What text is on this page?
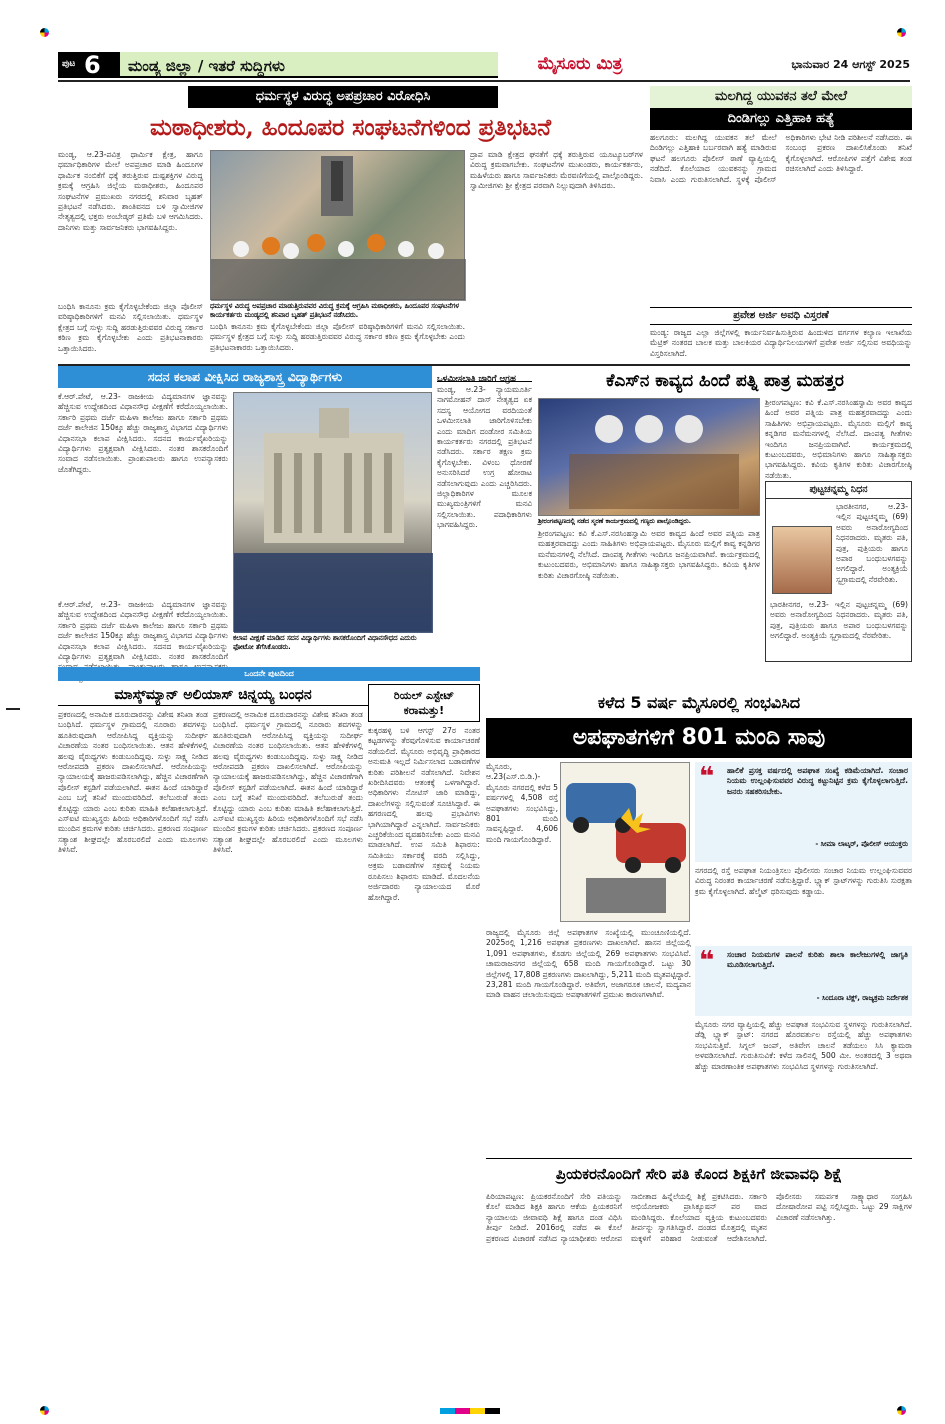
ಪುಟ 6 ಮಂಡ್ಯ ಜಿಲ್ಲಾ / ಇತರೆ ಸುದ್ದಿಗಳು	ಮೈಸೂರು ಮಿತ್ರ	ಭಾನುವಾರ 24 ಆಗಸ್ಟ್ 2025
ಧರ್ಮಸ್ಥಳ ವಿರುದ್ಧ ಅಪಪ್ರಚಾರ ವಿರೋಧಿಸಿ
ಮಠಾಧೀಶರು, ಹಿಂದೂಪರ ಸಂಘಟನೆಗಳಿಂದ ಪ್ರತಿಭಟನೆ
ಮಂಡ್ಯ, ಆ.23-ಪವಿತ್ರ ಧಾರ್ಮಿಕ ಕ್ಷೇತ್ರ, ಹಾಗೂ ಧರ್ಮಾಧಿಕಾರಿಗಳ ಮೇಲೆ ಅಪಪ್ರಚಾರ ಮಾಡಿ ಹಿಂದೂಗಳ ಧಾರ್ಮಿಕ ನಂಬಿಕೆಗೆ ಧಕ್ಕೆ ತರುತ್ತಿರುವ ದುಷ್ಟಶಕ್ತಿಗಳ ವಿರುದ್ಧ ಕ್ರಮಕ್ಕೆ ಆಗ್ರಹಿಸಿ ಜಿಲ್ಲೆಯ ಮಠಾಧೀಶರು, ಹಿಂದೂಪರ ಸಂಘಟನೆಗಳ ಪ್ರಮುಖರು ನಗರದಲ್ಲಿ ಶನಿವಾರ ಬೃಹತ್ ಪ್ರತಿಭಟನೆ ನಡೆಸಿದರು. ಶಾಂತಿವನದ ಬಳಿ ಸ್ವಾಮೀಜಿಗಳ ನೇತೃತ್ವದಲ್ಲಿ ಭಕ್ತರು ಅಂಬೇಡ್ಕರ್ ಪ್ರತಿಮೆ ಬಳಿ ಆಗಮಿಸಿದರು. ದಾನಿಗಳು ಮತ್ತು ಸಾರ್ವಜನಿಕರು ಭಾಗವಹಿಸಿದ್ದರು.
ಧರ್ಮಸ್ಥಳ ವಿರುದ್ಧ ಅಪಪ್ರಚಾರ ಮಾಡುತ್ತಿರುವವರ ವಿರುದ್ಧ ಕ್ರಮಕ್ಕೆ ಆಗ್ರಹಿಸಿ ಮಠಾಧೀಶರು, ಹಿಂದೂಪರ ಸಂಘಟನೆಗಳ ಕಾರ್ಯಕರ್ತರು ಮಂಡ್ಯದಲ್ಲಿ ಶನಿವಾರ ಬೃಹತ್ ಪ್ರತಿಭಟನೆ ನಡೆಸಿದರು.
ದ್ರಾಪ ಮಾಡಿ ಕ್ಷೇತ್ರದ ಘನತೆಗೆ ಧಕ್ಕೆ ತರುತ್ತಿರುವ ಯೂಟ್ಯೂಬರ್‌ಗಳ ವಿರುದ್ಧ ಕ್ರಮವಾಗಬೇಕು. ಸಂಘಟನೆಗಳ ಮುಖಂಡರು, ಕಾರ್ಯಕರ್ತರು, ಮಹಿಳೆಯರು ಹಾಗೂ ಸಾರ್ವಜನಿಕರು ಮೆರವಣಿಗೆಯಲ್ಲಿ ಪಾಲ್ಗೊಂಡಿದ್ದರು. ಸ್ವಾಮೀಜಿಗಳು ಶ್ರೀ ಕ್ಷೇತ್ರದ ಪರವಾಗಿ ನಿಲ್ಲುವುದಾಗಿ ತಿಳಿಸಿದರು.
ಬಂಧಿಸಿ ಕಾನೂನು ಕ್ರಮ ಕೈಗೊಳ್ಳಬೇಕೆಂದು ಜಿಲ್ಲಾ ಪೊಲೀಸ್ ವರಿಷ್ಠಾಧಿಕಾರಿಗಳಿಗೆ ಮನವಿ ಸಲ್ಲಿಸಲಾಯಿತು. ಧರ್ಮಸ್ಥಳ ಕ್ಷೇತ್ರದ ಬಗ್ಗೆ ಸುಳ್ಳು ಸುದ್ದಿ ಹರಡುತ್ತಿರುವವರ ವಿರುದ್ಧ ಸರ್ಕಾರ ಕಠಿಣ ಕ್ರಮ ಕೈಗೊಳ್ಳಬೇಕು ಎಂದು ಪ್ರತಿಭಟನಾಕಾರರು ಒತ್ತಾಯಿಸಿದರು.
ಬಂಧಿಸಿ ಕಾನೂನು ಕ್ರಮ ಕೈಗೊಳ್ಳಬೇಕೆಂದು ಜಿಲ್ಲಾ ಪೊಲೀಸ್ ವರಿಷ್ಠಾಧಿಕಾರಿಗಳಿಗೆ ಮನವಿ ಸಲ್ಲಿಸಲಾಯಿತು. ಧರ್ಮಸ್ಥಳ ಕ್ಷೇತ್ರದ ಬಗ್ಗೆ ಸುಳ್ಳು ಸುದ್ದಿ ಹರಡುತ್ತಿರುವವರ ವಿರುದ್ಧ ಸರ್ಕಾರ ಕಠಿಣ ಕ್ರಮ ಕೈಗೊಳ್ಳಬೇಕು ಎಂದು ಪ್ರತಿಭಟನಾಕಾರರು ಒತ್ತಾಯಿಸಿದರು.
ಮಲಗಿದ್ದ ಯುವಕನ ತಲೆ ಮೇಲೆ
ದಿಂಡಿಗಲ್ಲು ಎತ್ತಿಹಾಕಿ ಹತ್ಯೆ
ಹಲಗೂರು: ಮಲಗಿದ್ದ ಯುವಕನ ತಲೆ ಮೇಲೆ ದಿಂಡಿಗಲ್ಲು ಎತ್ತಿಹಾಕಿ ಬರ್ಬರವಾಗಿ ಹತ್ಯೆ ಮಾಡಿರುವ ಘಟನೆ ಹಲಗೂರು ಪೊಲೀಸ್ ಠಾಣೆ ವ್ಯಾಪ್ತಿಯಲ್ಲಿ ನಡೆದಿದೆ. ಕೊಲೆಯಾದ ಯುವಕನನ್ನು ಗ್ರಾಮದ ನಿವಾಸಿ ಎಂದು ಗುರುತಿಸಲಾಗಿದೆ. ಸ್ಥಳಕ್ಕೆ ಪೊಲೀಸ್ ಅಧಿಕಾರಿಗಳು ಭೇಟಿ ನೀಡಿ ಪರಿಶೀಲನೆ ನಡೆಸಿದರು. ಈ ಸಂಬಂಧ ಪ್ರಕರಣ ದಾಖಲಿಸಿಕೊಂಡು ತನಿಖೆ ಕೈಗೊಳ್ಳಲಾಗಿದೆ. ಆರೋಪಿಗಳ ಪತ್ತೆಗೆ ವಿಶೇಷ ತಂಡ ರಚಿಸಲಾಗಿದೆ ಎಂದು ತಿಳಿಸಿದ್ದಾರೆ.
ಪ್ರವೇಶ ಅರ್ಜಿ ಅವಧಿ ವಿಸ್ತರಣೆ
ಮಂಡ್ಯ: ರಾಜ್ಯದ ಎಲ್ಲಾ ಜಿಲ್ಲೆಗಳಲ್ಲಿ ಕಾರ್ಯನಿರ್ವಹಿಸುತ್ತಿರುವ ಹಿಂದುಳಿದ ವರ್ಗಗಳ ಕಲ್ಯಾಣ ಇಲಾಖೆಯ ಮೆಟ್ರಿಕ್ ನಂತರದ ಬಾಲಕ ಮತ್ತು ಬಾಲಕಿಯರ ವಿದ್ಯಾರ್ಥಿನಿಲಯಗಳಿಗೆ ಪ್ರವೇಶ ಅರ್ಜಿ ಸಲ್ಲಿಸುವ ಅವಧಿಯನ್ನು ವಿಸ್ತರಿಸಲಾಗಿದೆ.
ಸದನ ಕಲಾಪ ವೀಕ್ಷಿಸಿದ ರಾಜ್ಯಶಾಸ್ತ್ರ ವಿದ್ಯಾರ್ಥಿಗಳು
ಕೆ.ಆರ್.ಪೇಟೆ, ಆ.23- ರಾಜಕೀಯ ವಿದ್ಯಮಾನಗಳ ಜ್ಞಾನವನ್ನು ಹೆಚ್ಚಿಸುವ ಉದ್ದೇಶದಿಂದ ವಿಧಾನಸೌಧ ವೀಕ್ಷಣೆಗೆ ಕರೆದೊಯ್ಯಲಾಯಿತು. ಸರ್ಕಾರಿ ಪ್ರಥಮ ದರ್ಜೆ ಮಹಿಳಾ ಕಾಲೇಜು ಹಾಗೂ ಸರ್ಕಾರಿ ಪ್ರಥಮ ದರ್ಜೆ ಕಾಲೇಜಿನ 150ಕ್ಕೂ ಹೆಚ್ಚು ರಾಜ್ಯಶಾಸ್ತ್ರ ವಿಭಾಗದ ವಿದ್ಯಾರ್ಥಿಗಳು ವಿಧಾನಸಭಾ ಕಲಾಪ ವೀಕ್ಷಿಸಿದರು. ಸದನದ ಕಾರ್ಯವೈಖರಿಯನ್ನು ವಿದ್ಯಾರ್ಥಿಗಳು ಪ್ರತ್ಯಕ್ಷವಾಗಿ ವೀಕ್ಷಿಸಿದರು. ನಂತರ ಶಾಸಕರೊಂದಿಗೆ ಸಂವಾದ ನಡೆಸಲಾಯಿತು. ಪ್ರಾಂಶುಪಾಲರು ಹಾಗೂ ಉಪನ್ಯಾಸಕರು ಜೊತೆಗಿದ್ದರು.
ಕಲಾಪ ವೀಕ್ಷಣೆ ಮಾಡಿದ ಸದನ ವಿದ್ಯಾರ್ಥಿಗಳು ಶಾಸಕರೊಂದಿಗೆ ವಿಧಾನಸೌಧದ ಎದುರು ಫೋಟೋ ತೆಗೆಸಿಕೊಂಡರು.
ಕೆ.ಆರ್.ಪೇಟೆ, ಆ.23- ರಾಜಕೀಯ ವಿದ್ಯಮಾನಗಳ ಜ್ಞಾನವನ್ನು ಹೆಚ್ಚಿಸುವ ಉದ್ದೇಶದಿಂದ ವಿಧಾನಸೌಧ ವೀಕ್ಷಣೆಗೆ ಕರೆದೊಯ್ಯಲಾಯಿತು. ಸರ್ಕಾರಿ ಪ್ರಥಮ ದರ್ಜೆ ಮಹಿಳಾ ಕಾಲೇಜು ಹಾಗೂ ಸರ್ಕಾರಿ ಪ್ರಥಮ ದರ್ಜೆ ಕಾಲೇಜಿನ 150ಕ್ಕೂ ಹೆಚ್ಚು ರಾಜ್ಯಶಾಸ್ತ್ರ ವಿಭಾಗದ ವಿದ್ಯಾರ್ಥಿಗಳು ವಿಧಾನಸಭಾ ಕಲಾಪ ವೀಕ್ಷಿಸಿದರು. ಸದನದ ಕಾರ್ಯವೈಖರಿಯನ್ನು ವಿದ್ಯಾರ್ಥಿಗಳು ಪ್ರತ್ಯಕ್ಷವಾಗಿ ವೀಕ್ಷಿಸಿದರು. ನಂತರ ಶಾಸಕರೊಂದಿಗೆ
ಒಳಮೀಸಲಾತಿ ಜಾರಿಗೆ ಆಗ್ರಹ
ಮಂಡ್ಯ, ಆ.23- ನ್ಯಾಯಮೂರ್ತಿ ನಾಗಮೋಹನ್ ದಾಸ್ ನೇತೃತ್ವದ ಏಕ ಸದಸ್ಯ ಆಯೋಗದ ವರದಿಯಂತೆ ಒಳಮೀಸಲಾತಿ ಜಾರಿಗೊಳಿಸಬೇಕು ಎಂದು ಮಾದಿಗ ದಂಡೋರ ಸಮಿತಿಯ ಕಾರ್ಯಕರ್ತರು ನಗರದಲ್ಲಿ ಪ್ರತಿಭಟನೆ ನಡೆಸಿದರು. ಸರ್ಕಾರ ತಕ್ಷಣ ಕ್ರಮ ಕೈಗೊಳ್ಳಬೇಕು. ವಿಳಂಬ ಧೋರಣೆ ಅನುಸರಿಸಿದರೆ ಉಗ್ರ ಹೋರಾಟ ನಡೆಸಲಾಗುವುದು ಎಂದು ಎಚ್ಚರಿಸಿದರು. ಜಿಲ್ಲಾಧಿಕಾರಿಗಳ ಮೂಲಕ ಮುಖ್ಯಮಂತ್ರಿಗಳಿಗೆ ಮನವಿ ಸಲ್ಲಿಸಲಾಯಿತು. ಪದಾಧಿಕಾರಿಗಳು ಭಾಗವಹಿಸಿದ್ದರು.
ಕೆಎಸ್‌ನ ಕಾವ್ಯದ ಹಿಂದೆ ಪತ್ನಿ ಪಾತ್ರ ಮಹತ್ತರ
ಶ್ರೀರಂಗಪಟ್ಟಣದಲ್ಲಿ ನಡೆದ ಸ್ಮರಣೆ ಕಾರ್ಯಕ್ರಮದಲ್ಲಿ ಗಣ್ಯರು ಪಾಲ್ಗೊಂಡಿದ್ದರು.
ಶ್ರೀರಂಗಪಟ್ಟಣ: ಕವಿ ಕೆ.ಎಸ್.ನರಸಿಂಹಸ್ವಾಮಿ ಅವರ ಕಾವ್ಯದ ಹಿಂದೆ ಅವರ ಪತ್ನಿಯ ಪಾತ್ರ ಮಹತ್ತರವಾದದ್ದು ಎಂದು ಸಾಹಿತಿಗಳು ಅಭಿಪ್ರಾಯಪಟ್ಟರು. ಮೈಸೂರು ಮಲ್ಲಿಗೆ ಕಾವ್ಯ ಕನ್ನಡಿಗರ ಮನೆಮನಗಳಲ್ಲಿ ನೆಲೆಸಿದೆ. ದಾಂಪತ್ಯ ಗೀತೆಗಳು ಇಂದಿಗೂ ಜನಪ್ರಿಯವಾಗಿವೆ. ಕಾರ್ಯಕ್ರಮದಲ್ಲಿ ಕುಟುಂಬದವರು, ಅಭಿಮಾನಿಗಳು ಹಾಗೂ ಸಾಹಿತ್ಯಾಸಕ್ತರು ಭಾಗವಹಿಸಿದ್ದರು. ಕವಿಯ ಕೃತಿಗಳ ಕುರಿತು ವಿಚಾರಗೋಷ್ಠಿ ನಡೆಯಿತು.
ಶ್ರೀರಂಗಪಟ್ಟಣ: ಕವಿ ಕೆ.ಎಸ್.ನರಸಿಂಹಸ್ವಾಮಿ ಅವರ ಕಾವ್ಯದ ಹಿಂದೆ ಅವರ ಪತ್ನಿಯ ಪಾತ್ರ ಮಹತ್ತರವಾದದ್ದು ಎಂದು ಸಾಹಿತಿಗಳು ಅಭಿಪ್ರಾಯಪಟ್ಟರು. ಮೈಸೂರು ಮಲ್ಲಿಗೆ ಕಾವ್ಯ ಕನ್ನಡಿಗರ ಮನೆಮನಗಳಲ್ಲಿ ನೆಲೆಸಿದೆ. ದಾಂಪತ್ಯ ಗೀತೆಗಳು ಇಂದಿಗೂ ಜನಪ್ರಿಯವಾಗಿವೆ. ಕಾರ್ಯಕ್ರಮದಲ್ಲಿ ಕುಟುಂಬದವರು, ಅಭಿಮಾನಿಗಳು ಹಾಗೂ ಸಾಹಿತ್ಯಾಸಕ್ತರು ಭಾಗವಹಿಸಿದ್ದರು. ಕವಿಯ ಕೃತಿಗಳ ಕುರಿತು ವಿಚಾರಗೋಷ್ಠಿ ನಡೆಯಿತು.
ಪುಟ್ಟಚನ್ನಮ್ಮ ನಿಧನ
ಭಾರತೀನಗರ, ಆ.23- ಇಲ್ಲಿನ ಪುಟ್ಟಚನ್ನಮ್ಮ (69) ಅವರು ಅನಾರೋಗ್ಯದಿಂದ ನಿಧನರಾದರು. ಮೃತರು ಪತಿ, ಪುತ್ರ, ಪುತ್ರಿಯರು ಹಾಗೂ ಅಪಾರ ಬಂಧುಬಳಗವನ್ನು ಅಗಲಿದ್ದಾರೆ. ಅಂತ್ಯಕ್ರಿಯೆ ಸ್ವಗ್ರಾಮದಲ್ಲಿ ನೆರವೇರಿತು.
ಭಾರತೀನಗರ, ಆ.23- ಇಲ್ಲಿನ ಪುಟ್ಟಚನ್ನಮ್ಮ (69) ಅವರು ಅನಾರೋಗ್ಯದಿಂದ ನಿಧನರಾದರು. ಮೃತರು ಪತಿ, ಪುತ್ರ, ಪುತ್ರಿಯರು ಹಾಗೂ ಅಪಾರ ಬಂಧುಬಳಗವನ್ನು ಅಗಲಿದ್ದಾರೆ. ಅಂತ್ಯಕ್ರಿಯೆ ಸ್ವಗ್ರಾಮದಲ್ಲಿ ನೆರವೇರಿತು.
ಒಂದನೇ ಪುಟದಿಂದ
ಮಾಸ್ಕ್‌ಮ್ಯಾನ್ ಅಲಿಯಾಸ್ ಚಿನ್ನಯ್ಯ ಬಂಧನ
ಪ್ರಕರಣದಲ್ಲಿ ಅನಾಮಿಕ ದೂರುದಾರನನ್ನು ವಿಶೇಷ ತನಿಖಾ ತಂಡ ಬಂಧಿಸಿದೆ. ಧರ್ಮಸ್ಥಳ ಗ್ರಾಮದಲ್ಲಿ ನೂರಾರು ಶವಗಳನ್ನು ಹೂತಿರುವುದಾಗಿ ಆರೋಪಿಸಿದ್ದ ವ್ಯಕ್ತಿಯನ್ನು ಸುದೀರ್ಘ ವಿಚಾರಣೆಯ ನಂತರ ಬಂಧಿಸಲಾಯಿತು. ಆತನ ಹೇಳಿಕೆಗಳಲ್ಲಿ ಹಲವು ವೈರುಧ್ಯಗಳು ಕಂಡುಬಂದಿದ್ದವು. ಸುಳ್ಳು ಸಾಕ್ಷ್ಯ ನೀಡಿದ ಆರೋಪದಡಿ ಪ್ರಕರಣ ದಾಖಲಿಸಲಾಗಿದೆ. ಆರೋಪಿಯನ್ನು ನ್ಯಾಯಾಲಯಕ್ಕೆ ಹಾಜರುಪಡಿಸಲಾಗಿದ್ದು, ಹೆಚ್ಚಿನ ವಿಚಾರಣೆಗಾಗಿ ಪೊಲೀಸ್ ಕಸ್ಟಡಿಗೆ ಪಡೆಯಲಾಗಿದೆ. ಈತನ ಹಿಂದೆ ಯಾರಿದ್ದಾರೆ ಎಂಬ ಬಗ್ಗೆ ತನಿಖೆ ಮುಂದುವರಿದಿದೆ. ತಲೆಬುರುಡೆ ತಂದು ಕೊಟ್ಟಿದ್ದು ಯಾರು ಎಂಬ ಕುರಿತು ಮಾಹಿತಿ ಕಲೆಹಾಕಲಾಗುತ್ತಿದೆ. ಎಸ್‌ಐಟಿ ಮುಖ್ಯಸ್ಥರು ಹಿರಿಯ ಅಧಿಕಾರಿಗಳೊಂದಿಗೆ ಸಭೆ ನಡೆಸಿ ಮುಂದಿನ ಕ್ರಮಗಳ ಕುರಿತು ಚರ್ಚಿಸಿದರು. ಪ್ರಕರಣದ ಸಂಪೂರ್ಣ ಸತ್ಯಾಂಶ ಶೀಘ್ರದಲ್ಲೇ ಹೊರಬರಲಿದೆ ಎಂದು ಮೂಲಗಳು ತಿಳಿಸಿವೆ.
ಪ್ರಕರಣದಲ್ಲಿ ಅನಾಮಿಕ ದೂರುದಾರನನ್ನು ವಿಶೇಷ ತನಿಖಾ ತಂಡ ಬಂಧಿಸಿದೆ. ಧರ್ಮಸ್ಥಳ ಗ್ರಾಮದಲ್ಲಿ ನೂರಾರು ಶವಗಳನ್ನು ಹೂತಿರುವುದಾಗಿ ಆರೋಪಿಸಿದ್ದ ವ್ಯಕ್ತಿಯನ್ನು ಸುದೀರ್ಘ ವಿಚಾರಣೆಯ ನಂತರ ಬಂಧಿಸಲಾಯಿತು. ಆತನ ಹೇಳಿಕೆಗಳಲ್ಲಿ ಹಲವು ವೈರುಧ್ಯಗಳು ಕಂಡುಬಂದಿದ್ದವು. ಸುಳ್ಳು ಸಾಕ್ಷ್ಯ ನೀಡಿದ ಆರೋಪದಡಿ ಪ್ರಕರಣ ದಾಖಲಿಸಲಾಗಿದೆ. ಆರೋಪಿಯನ್ನು ನ್ಯಾಯಾಲಯಕ್ಕೆ ಹಾಜರುಪಡಿಸಲಾಗಿದ್ದು, ಹೆಚ್ಚಿನ ವಿಚಾರಣೆಗಾಗಿ ಪೊಲೀಸ್ ಕಸ್ಟಡಿಗೆ ಪಡೆಯಲಾಗಿದೆ. ಈತನ ಹಿಂದೆ ಯಾರಿದ್ದಾರೆ ಎಂಬ ಬಗ್ಗೆ ತನಿಖೆ ಮುಂದುವರಿದಿದೆ. ತಲೆಬುರುಡೆ ತಂದು ಕೊಟ್ಟಿದ್ದು ಯಾರು ಎಂಬ ಕುರಿತು ಮಾಹಿತಿ ಕಲೆಹಾಕಲಾಗುತ್ತಿದೆ. ಎಸ್‌ಐಟಿ ಮುಖ್ಯಸ್ಥರು ಹಿರಿಯ ಅಧಿಕಾರಿಗಳೊಂದಿಗೆ ಸಭೆ ನಡೆಸಿ ಮುಂದಿನ ಕ್ರಮಗಳ ಕುರಿತು ಚರ್ಚಿಸಿದರು. ಪ್ರಕರಣದ ಸಂಪೂರ್ಣ ಸತ್ಯಾಂಶ ಶೀಘ್ರದಲ್ಲೇ ಹೊರಬರಲಿದೆ ಎಂದು ಮೂಲಗಳು ತಿಳಿಸಿವೆ.
ರಿಯಲ್ ಎಸ್ಟೇಟ್ ಕರಾಮತ್ತು!
ಕುಕ್ಕರಹಳ್ಳಿ ಬಳಿ ಆಗಸ್ಟ್ 27ರ ನಂತರ ಕಟ್ಟಡಗಳನ್ನು ತೆರವುಗೊಳಿಸುವ ಕಾರ್ಯಾಚರಣೆ ನಡೆಯಲಿದೆ. ಮೈಸೂರು ಅಭಿವೃದ್ಧಿ ಪ್ರಾಧಿಕಾರದ ಅನುಮತಿ ಇಲ್ಲದೆ ನಿರ್ಮಿಸಲಾದ ಬಡಾವಣೆಗಳ ಕುರಿತು ಪರಿಶೀಲನೆ ನಡೆಸಲಾಗಿದೆ. ನಿವೇಶನ ಖರೀದಿಸಿದವರು ಆತಂಕಕ್ಕೆ ಒಳಗಾಗಿದ್ದಾರೆ. ಅಧಿಕಾರಿಗಳು ನೋಟಿಸ್ ಜಾರಿ ಮಾಡಿದ್ದು, ದಾಖಲೆಗಳನ್ನು ಸಲ್ಲಿಸುವಂತೆ ಸೂಚಿಸಿದ್ದಾರೆ. ಈ ಹಗರಣದಲ್ಲಿ ಹಲವು ಪ್ರಭಾವಿಗಳು ಭಾಗಿಯಾಗಿದ್ದಾರೆ ಎನ್ನಲಾಗಿದೆ. ಸಾರ್ವಜನಿಕರು ಎಚ್ಚರಿಕೆಯಿಂದ ವ್ಯವಹರಿಸಬೇಕು ಎಂದು ಮನವಿ ಮಾಡಲಾಗಿದೆ. ಉಪ ಸಮಿತಿ ಶಿಫಾರಸು: ಸಮಿತಿಯು ಸರ್ಕಾರಕ್ಕೆ ವರದಿ ಸಲ್ಲಿಸಿದ್ದು, ಅಕ್ರಮ ಬಡಾವಣೆಗಳ ಸಕ್ರಮಕ್ಕೆ ನಿಯಮ ರೂಪಿಸಲು ಶಿಫಾರಸು ಮಾಡಿದೆ. ಮೊದಲನೆಯ ಅರ್ಜಿದಾರರು ನ್ಯಾಯಾಲಯದ ಮೊರೆ ಹೋಗಿದ್ದಾರೆ.
ಕಳೆದ 5 ವರ್ಷ ಮೈಸೂರಲ್ಲಿ ಸಂಭವಿಸಿದ
ಅಪಘಾತಗಳಿಗೆ 801 ಮಂದಿ ಸಾವು
ಮೈಸೂರು, ಆ.23(ಎಸ್.ಬಿ.ಡಿ.)- ಮೈಸೂರು ನಗರದಲ್ಲಿ ಕಳೆದ 5 ವರ್ಷಗಳಲ್ಲಿ 4,508 ರಸ್ತೆ ಅಪಘಾತಗಳು ಸಂಭವಿಸಿದ್ದು, 801 ಮಂದಿ ಸಾವನ್ನಪ್ಪಿದ್ದಾರೆ. 4,606 ಮಂದಿ ಗಾಯಗೊಂಡಿದ್ದಾರೆ.
❝ ಹಾಲಿಕೆ ಪ್ರಸಕ್ತ ವರ್ಷದಲ್ಲಿ ಅಪಘಾತ ಸಂಖ್ಯೆ ಕಡಿಮೆಯಾಗಿದೆ. ಸಂಚಾರ ನಿಯಮ ಉಲ್ಲಂಘಿಸುವವರ ವಿರುದ್ಧ ಕಟ್ಟುನಿಟ್ಟಿನ ಕ್ರಮ ಕೈಗೊಳ್ಳಲಾಗುತ್ತಿದೆ. ಜನರು ಸಹಕರಿಸಬೇಕು.
- ಸೀಮಾ ಲಾಟ್ಕರ್, ಪೊಲೀಸ್ ಆಯುಕ್ತರು
ರಾಜ್ಯದಲ್ಲಿ ಮೈಸೂರು ಜಿಲ್ಲೆ ಅಪಘಾತಗಳ ಸಂಖ್ಯೆಯಲ್ಲಿ ಮುಂಚೂಣಿಯಲ್ಲಿದೆ. 2025ರಲ್ಲಿ 1,216 ಅಪಘಾತ ಪ್ರಕರಣಗಳು ದಾಖಲಾಗಿವೆ. ಹಾಸನ ಜಿಲ್ಲೆಯಲ್ಲಿ 1,091 ಅಪಘಾತಗಳು, ಕೊಡಗು ಜಿಲ್ಲೆಯಲ್ಲಿ 269 ಅಪಘಾತಗಳು ಸಂಭವಿಸಿವೆ. ಚಾಮರಾಜನಗರ ಜಿಲ್ಲೆಯಲ್ಲಿ 658 ಮಂದಿ ಗಾಯಗೊಂಡಿದ್ದಾರೆ. ಒಟ್ಟು 30 ಜಿಲ್ಲೆಗಳಲ್ಲಿ 17,808 ಪ್ರಕರಣಗಳು ದಾಖಲಾಗಿದ್ದು, 5,211 ಮಂದಿ ಮೃತಪಟ್ಟಿದ್ದಾರೆ. 23,281 ಮಂದಿ ಗಾಯಗೊಂಡಿದ್ದಾರೆ. ಅತಿವೇಗ, ಅಜಾಗರೂಕ ಚಾಲನೆ, ಮದ್ಯಪಾನ ಮಾಡಿ ವಾಹನ ಚಲಾಯಿಸುವುದು ಅಪಘಾತಗಳಿಗೆ ಪ್ರಮುಖ ಕಾರಣಗಳಾಗಿವೆ.
ನಗರದಲ್ಲಿ ರಸ್ತೆ ಅಪಘಾತ ನಿಯಂತ್ರಿಸಲು ಪೊಲೀಸರು ಸಂಚಾರ ನಿಯಮ ಉಲ್ಲಂಘಿಸುವವರ ವಿರುದ್ಧ ನಿರಂತರ ಕಾರ್ಯಾಚರಣೆ ನಡೆಸುತ್ತಿದ್ದಾರೆ. ಬ್ಲ್ಯಾಕ್ ಸ್ಪಾಟ್‌ಗಳನ್ನು ಗುರುತಿಸಿ ಸುರಕ್ಷತಾ ಕ್ರಮ ಕೈಗೊಳ್ಳಲಾಗಿದೆ. ಹೆಲ್ಮೆಟ್ ಧರಿಸುವುದು ಕಡ್ಡಾಯ.
❝ ಸಂಚಾರ ನಿಯಮಗಳ ಪಾಲನೆ ಕುರಿತು ಶಾಲಾ ಕಾಲೇಜುಗಳಲ್ಲಿ ಜಾಗೃತಿ ಮೂಡಿಸಲಾಗುತ್ತಿದೆ.
- ಸಿಂದೂರಾ ಟಿಕ್ಲ್, ರಾಜ್ಯಕ್ರಮ ನಿರ್ದೇಶಕ
ಮೈಸೂರು ನಗರ ವ್ಯಾಪ್ತಿಯಲ್ಲಿ ಹೆಚ್ಚು ಅಪಘಾತ ಸಂಭವಿಸುವ ಸ್ಥಳಗಳನ್ನು ಗುರುತಿಸಲಾಗಿದೆ. ಡೆಡ್ಲಿ ಬ್ಲ್ಯಾಕ್ ಸ್ಪಾಟ್: ನಗರದ ಹೊರವರ್ತುಲ ರಸ್ತೆಯಲ್ಲಿ ಹೆಚ್ಚು ಅಪಘಾತಗಳು ಸಂಭವಿಸುತ್ತಿವೆ. ಸಿಗ್ನಲ್ ಜಂಪ್, ಅತಿವೇಗ ಚಾಲನೆ ತಡೆಯಲು ಸಿಸಿ ಕ್ಯಾಮರಾ ಅಳವಡಿಸಲಾಗಿದೆ. ಗುರುತಿಸುವಿಕೆ: ಕಳೆದ ಸಾಲಿನಲ್ಲಿ 500 ಮೀ. ಅಂತರದಲ್ಲಿ 3 ಅಥವಾ ಹೆಚ್ಚು ಮಾರಣಾಂತಿಕ ಅಪಘಾತಗಳು ಸಂಭವಿಸಿದ ಸ್ಥಳಗಳನ್ನು ಗುರುತಿಸಲಾಗಿದೆ.
ಪ್ರಿಯಕರನೊಂದಿಗೆ ಸೇರಿ ಪತಿ ಕೊಂದ ಶಿಕ್ಷಕಿಗೆ ಜೀವಾವಧಿ ಶಿಕ್ಷೆ
ಪಿರಿಯಾಪಟ್ಟಣ: ಪ್ರಿಯಕರನೊಂದಿಗೆ ಸೇರಿ ಪತಿಯನ್ನು ಕೊಲೆ ಮಾಡಿದ ಶಿಕ್ಷಕಿ ಹಾಗೂ ಆಕೆಯ ಪ್ರಿಯಕರನಿಗೆ ನ್ಯಾಯಾಲಯ ಜೀವಾವಧಿ ಶಿಕ್ಷೆ ಹಾಗೂ ದಂಡ ವಿಧಿಸಿ ತೀರ್ಪು ನೀಡಿದೆ. 2016ರಲ್ಲಿ ನಡೆದ ಈ ಕೊಲೆ ಪ್ರಕರಣದ ವಿಚಾರಣೆ ನಡೆಸಿದ ನ್ಯಾಯಾಧೀಶರು ಆರೋಪ ಸಾಬೀತಾದ ಹಿನ್ನೆಲೆಯಲ್ಲಿ ಶಿಕ್ಷೆ ಪ್ರಕಟಿಸಿದರು. ಸರ್ಕಾರಿ ಅಭಿಯೋಜಕರು ಪ್ರಾಸಿಕ್ಯೂಷನ್ ಪರ ವಾದ ಮಂಡಿಸಿದ್ದರು. ಕೊಲೆಯಾದ ವ್ಯಕ್ತಿಯ ಕುಟುಂಬದವರು ತೀರ್ಪನ್ನು ಸ್ವಾಗತಿಸಿದ್ದಾರೆ. ದಂಡದ ಮೊತ್ತದಲ್ಲಿ ಮೃತನ ಮಕ್ಕಳಿಗೆ ಪರಿಹಾರ ನೀಡುವಂತೆ ಆದೇಶಿಸಲಾಗಿದೆ. ಪೊಲೀಸರು ಸಮರ್ಪಕ ಸಾಕ್ಷ್ಯಾಧಾರ ಸಂಗ್ರಹಿಸಿ ದೋಷಾರೋಪ ಪಟ್ಟಿ ಸಲ್ಲಿಸಿದ್ದರು. ಒಟ್ಟು 29 ಸಾಕ್ಷಿಗಳ ವಿಚಾರಣೆ ನಡೆಸಲಾಗಿತ್ತು.
